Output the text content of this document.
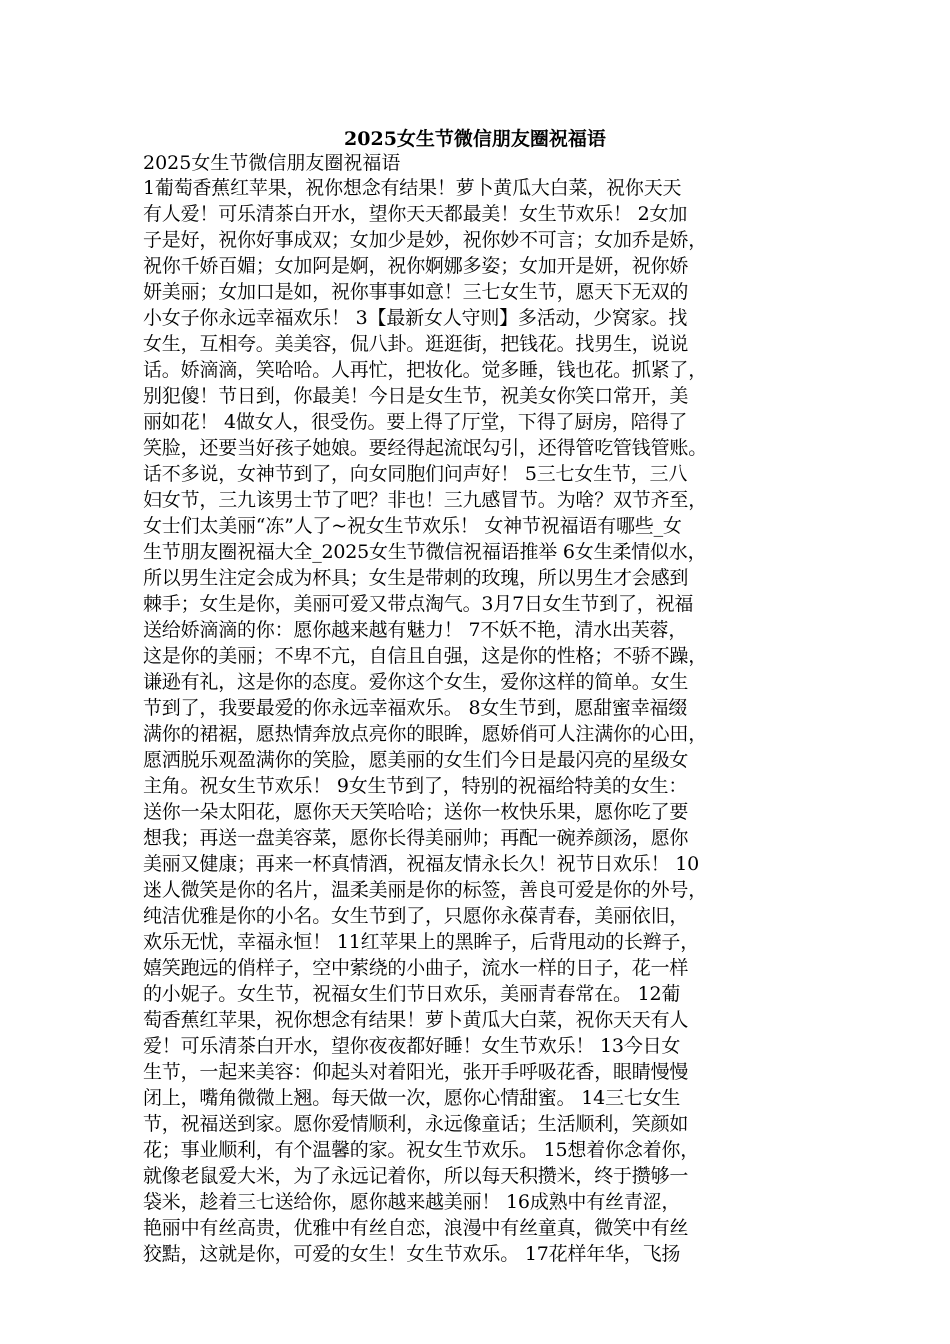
2025女生节微信朋友圈祝福语
2025女生节微信朋友圈祝福语
1葡萄香蕉红苹果，祝你想念有结果！萝卜黄瓜大白菜，祝你天天
有人爱！可乐清茶白开水，望你天天都最美！女生节欢乐！ 2女加
子是好，祝你好事成双；女加少是妙，祝你妙不可言；女加乔是娇，
祝你千娇百媚；女加阿是婀，祝你婀娜多姿；女加开是妍，祝你娇
妍美丽；女加口是如，祝你事事如意！三七女生节，愿天下无双的
小女子你永远幸福欢乐！ 3【最新女人守则】多活动，少窝家。找
女生，互相夸。美美容，侃八卦。逛逛街，把钱花。找男生，说说
话。娇滴滴，笑哈哈。人再忙，把妆化。觉多睡，钱也花。抓紧了，
别犯傻！节日到，你最美！今日是女生节，祝美女你笑口常开，美
丽如花！ 4做女人，很受伤。要上得了厅堂，下得了厨房，陪得了
笑脸，还要当好孩子她娘。要经得起流氓勾引，还得管吃管钱管账。
话不多说，女神节到了，向女同胞们问声好！ 5三七女生节，三八
妇女节，三九该男士节了吧？非也！三九感冒节。为啥？双节齐至，
女士们太美丽“冻”人了~祝女生节欢乐！ 女神节祝福语有哪些_女
生节朋友圈祝福大全_2025女生节微信祝福语推举 6女生柔情似水，
所以男生注定会成为杯具；女生是带刺的玫瑰，所以男生才会感到
棘手；女生是你，美丽可爱又带点淘气。3月7日女生节到了，祝福
送给娇滴滴的你：愿你越来越有魅力！ 7不妖不艳，清水出芙蓉，
这是你的美丽；不卑不亢，自信且自强，这是你的性格；不骄不躁，
谦逊有礼，这是你的态度。爱你这个女生，爱你这样的简单。女生
节到了，我要最爱的你永远幸福欢乐。 8女生节到，愿甜蜜幸福缀
满你的裙裾，愿热情奔放点亮你的眼眸，愿娇俏可人注满你的心田，
愿洒脱乐观盈满你的笑脸，愿美丽的女生们今日是最闪亮的星级女
主角。祝女生节欢乐！ 9女生节到了，特别的祝福给特美的女生：
送你一朵太阳花，愿你天天笑哈哈；送你一枚快乐果，愿你吃了要
想我；再送一盘美容菜，愿你长得美丽帅；再配一碗养颜汤，愿你
美丽又健康；再来一杯真情酒，祝福友情永长久！祝节日欢乐！ 10
迷人微笑是你的名片，温柔美丽是你的标签，善良可爱是你的外号，
纯洁优雅是你的小名。女生节到了，只愿你永葆青春，美丽依旧，
欢乐无忧，幸福永恒！ 11红苹果上的黑眸子，后背甩动的长辫子，
嬉笑跑远的俏样子，空中萦绕的小曲子，流水一样的日子，花一样
的小妮子。女生节，祝福女生们节日欢乐，美丽青春常在。 12葡
萄香蕉红苹果，祝你想念有结果！萝卜黄瓜大白菜，祝你天天有人
爱！可乐清茶白开水，望你夜夜都好睡！女生节欢乐！ 13今日女
生节，一起来美容：仰起头对着阳光，张开手呼吸花香，眼睛慢慢
闭上，嘴角微微上翘。每天做一次，愿你心情甜蜜。 14三七女生
节，祝福送到家。愿你爱情顺利，永远像童话；生活顺利，笑颜如
花；事业顺利，有个温馨的家。祝女生节欢乐。 15想着你念着你，
就像老鼠爱大米，为了永远记着你，所以每天积攒米，终于攒够一
袋米，趁着三七送给你，愿你越来越美丽！ 16成熟中有丝青涩，
艳丽中有丝高贵，优雅中有丝自恋，浪漫中有丝童真，微笑中有丝
狡黠，这就是你，可爱的女生！女生节欢乐。 17花样年华，飞扬
